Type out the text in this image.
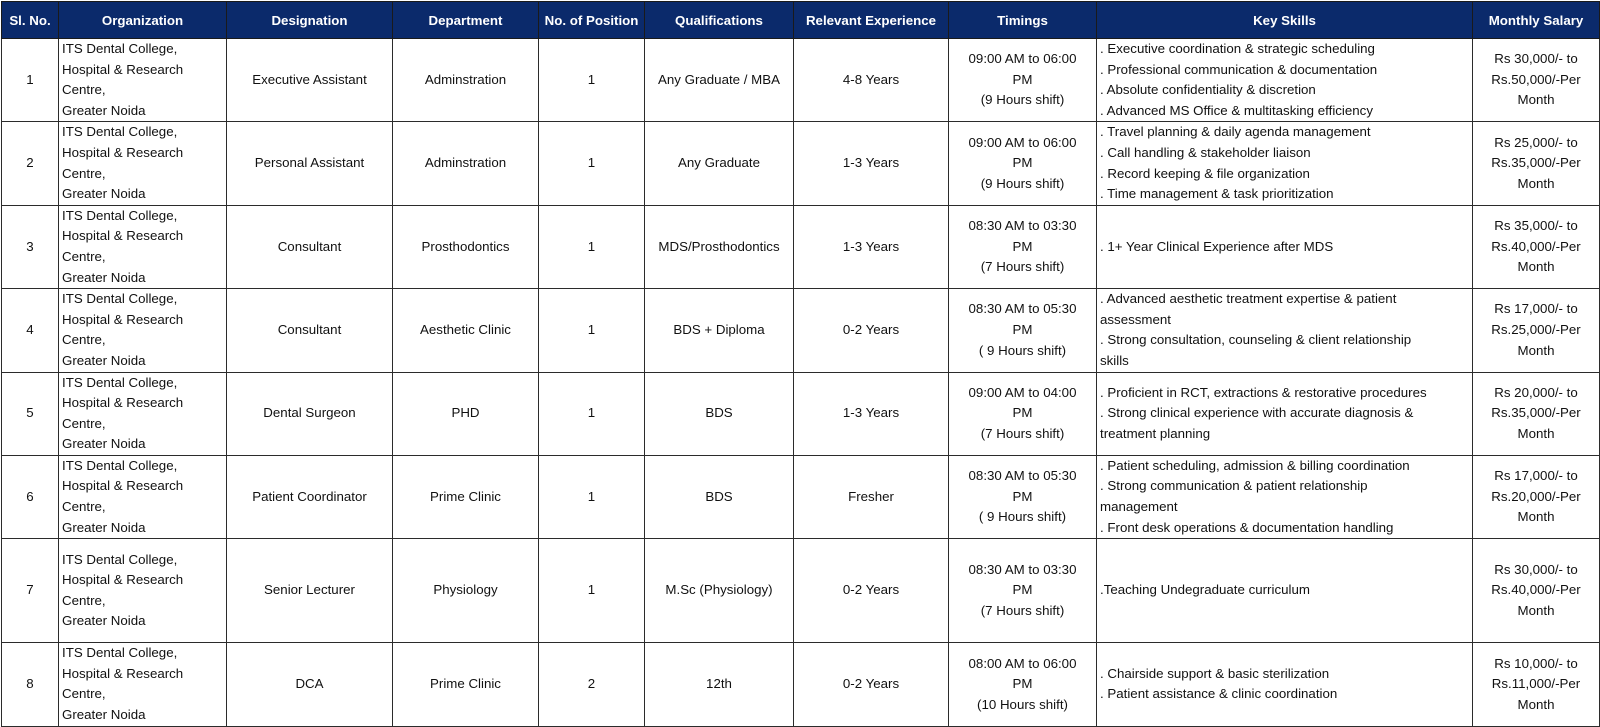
Sl. No.	Organization	Designation	Department	No. of Position	Qualifications	Relevant Experience	Timings	Key Skills	Monthly Salary
1	ITS Dental College,
Hospital & Research
Centre,
Greater Noida	Executive Assistant	Adminstration	1	Any Graduate / MBA	4-8 Years	09:00 AM to 06:00
PM
(9 Hours shift)	. Executive coordination & strategic scheduling
. Professional communication & documentation
. Absolute confidentiality & discretion
. Advanced MS Office & multitasking efficiency	Rs 30,000/- to
Rs.50,000/-Per
Month

2	ITS Dental College,
Hospital & Research
Centre,
Greater Noida	Personal Assistant	Adminstration	1	Any Graduate	1-3 Years	09:00 AM to 06:00
PM
(9 Hours shift)	. Travel planning & daily agenda management
. Call handling & stakeholder liaison
. Record keeping & file organization
. Time management & task prioritization	Rs 25,000/- to
Rs.35,000/-Per
Month

3	ITS Dental College,
Hospital & Research
Centre,
Greater Noida	Consultant	Prosthodontics	1	MDS/Prosthodontics	1-3 Years	08:30 AM to 03:30
PM
(7 Hours shift)	. 1+ Year Clinical Experience after MDS	Rs 35,000/- to
Rs.40,000/-Per
Month

4	ITS Dental College,
Hospital & Research
Centre,
Greater Noida	Consultant	Aesthetic Clinic	1	BDS + Diploma	0-2 Years	08:30 AM to 05:30
PM
( 9 Hours shift)	. Advanced aesthetic treatment expertise & patient
assessment
. Strong consultation, counseling & client relationship
skills	Rs 17,000/- to
Rs.25,000/-Per
Month

5	ITS Dental College,
Hospital & Research
Centre,
Greater Noida	Dental Surgeon	PHD	1	BDS	1-3 Years	09:00 AM to 04:00
PM
(7 Hours shift)	. Proficient in RCT, extractions & restorative procedures
. Strong clinical experience with accurate diagnosis &
treatment planning	Rs 20,000/- to
Rs.35,000/-Per
Month

6	ITS Dental College,
Hospital & Research
Centre,
Greater Noida	Patient Coordinator	Prime Clinic	1	BDS	Fresher	08:30 AM to 05:30
PM
( 9 Hours shift)	. Patient scheduling, admission & billing coordination
. Strong communication & patient relationship
management
. Front desk operations & documentation handling	Rs 17,000/- to
Rs.20,000/-Per
Month

7	ITS Dental College,
Hospital & Research
Centre,
Greater Noida	Senior Lecturer	Physiology	1	M.Sc (Physiology)	0-2 Years	08:30 AM to 03:30
PM
(7 Hours shift)	.Teaching Undegraduate curriculum	Rs 30,000/- to
Rs.40,000/-Per
Month

8	ITS Dental College,
Hospital & Research
Centre,
Greater Noida	DCA	Prime Clinic	2	12th	0-2 Years	08:00 AM to 06:00
PM
(10 Hours shift)	. Chairside support & basic sterilization
. Patient assistance & clinic coordination	Rs 10,000/- to
Rs.11,000/-Per
Month
